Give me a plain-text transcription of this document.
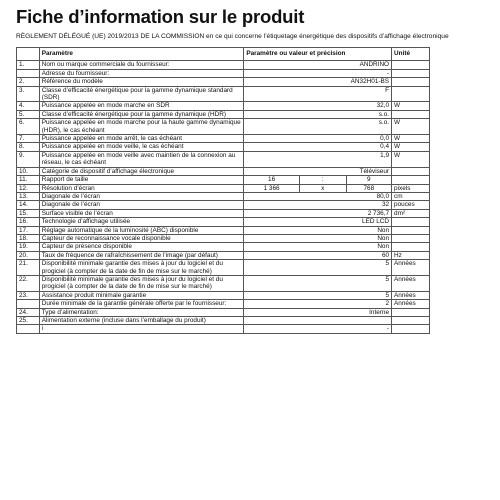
Fiche d’information sur le produit
RÈGLEMENT DÉLÉGUÉ (UE) 2019/2013 DE LA COMMISSION en ce qui concerne l’étiquetage énergétique des dispositifs d’affichage électronique
	Paramètre	Paramètre ou valeur et précision			Unité
1.	Nom ou marque commerciale du fournisseur:	ANDRINO			
	Adresse du fournisseur:	-			
2.	Référence du modèle	AN32H01-BS			
3.	Classe d’efficacité énergétique pour la gamme dynamique standard (SDR)	F			
4.	Puissance appelée en mode marche en SDR	32,0			W
5.	Classe d’efficacité énergétique pour la gamme dynamique (HDR)	s.o.			
6.	Puissance appelée en mode marche pour la haute gamme dynamique (HDR), le cas échéant	s.o.			W
7.	Puissance appelée en mode arrêt, le cas échéant	0,0			W
8.	Puissance appelée en mode veille, le cas échéant	0,4			W
9.	Puissance appelée en mode veille avec maintien de la connexion au réseau, le cas échéant	1,9			W
10.	Catégorie de dispositif d’affichage électronique	Téléviseur			
11.	Rapport de taille	16	:	9	
12.	Résolution d’écran	1 366	x	768	pixels
13.	Diagonale de l’écran	80,0			cm
14.	Diagonale de l’écran	32			pouces
15.	Surface visible de l’écran	2 736,7			dm²
16.	Technologie d’affichage utilisée	LED LCD			
17.	Réglage automatique de la luminosité (ABC) disponible	Non			
18.	Capteur de reconnaissance vocale disponible	Non			
19.	Capteur de présence disponible	Non			
20.	Taux de fréquence de rafraîchissement de l’image (par défaut)	60			Hz
21.	Disponibilité minimale garantie des mises à jour du logiciel et du progiciel (à compter de la date de fin de mise sur le marché)	5			Années
22.	Disponibilité minimale garantie des mises à jour du logiciel et du progiciel (à compter de la date de fin de mise sur le marché)	5			Années
23.	Assistance produit minimale garantie	5			Années
	Durée minimale de la garantie générale offerte par le fournisseur:	2			Années
24.	Type d’alimentation:	Interne			
25.	Alimentation externe (incluse dans l’emballage du produit)				
	i	-			
